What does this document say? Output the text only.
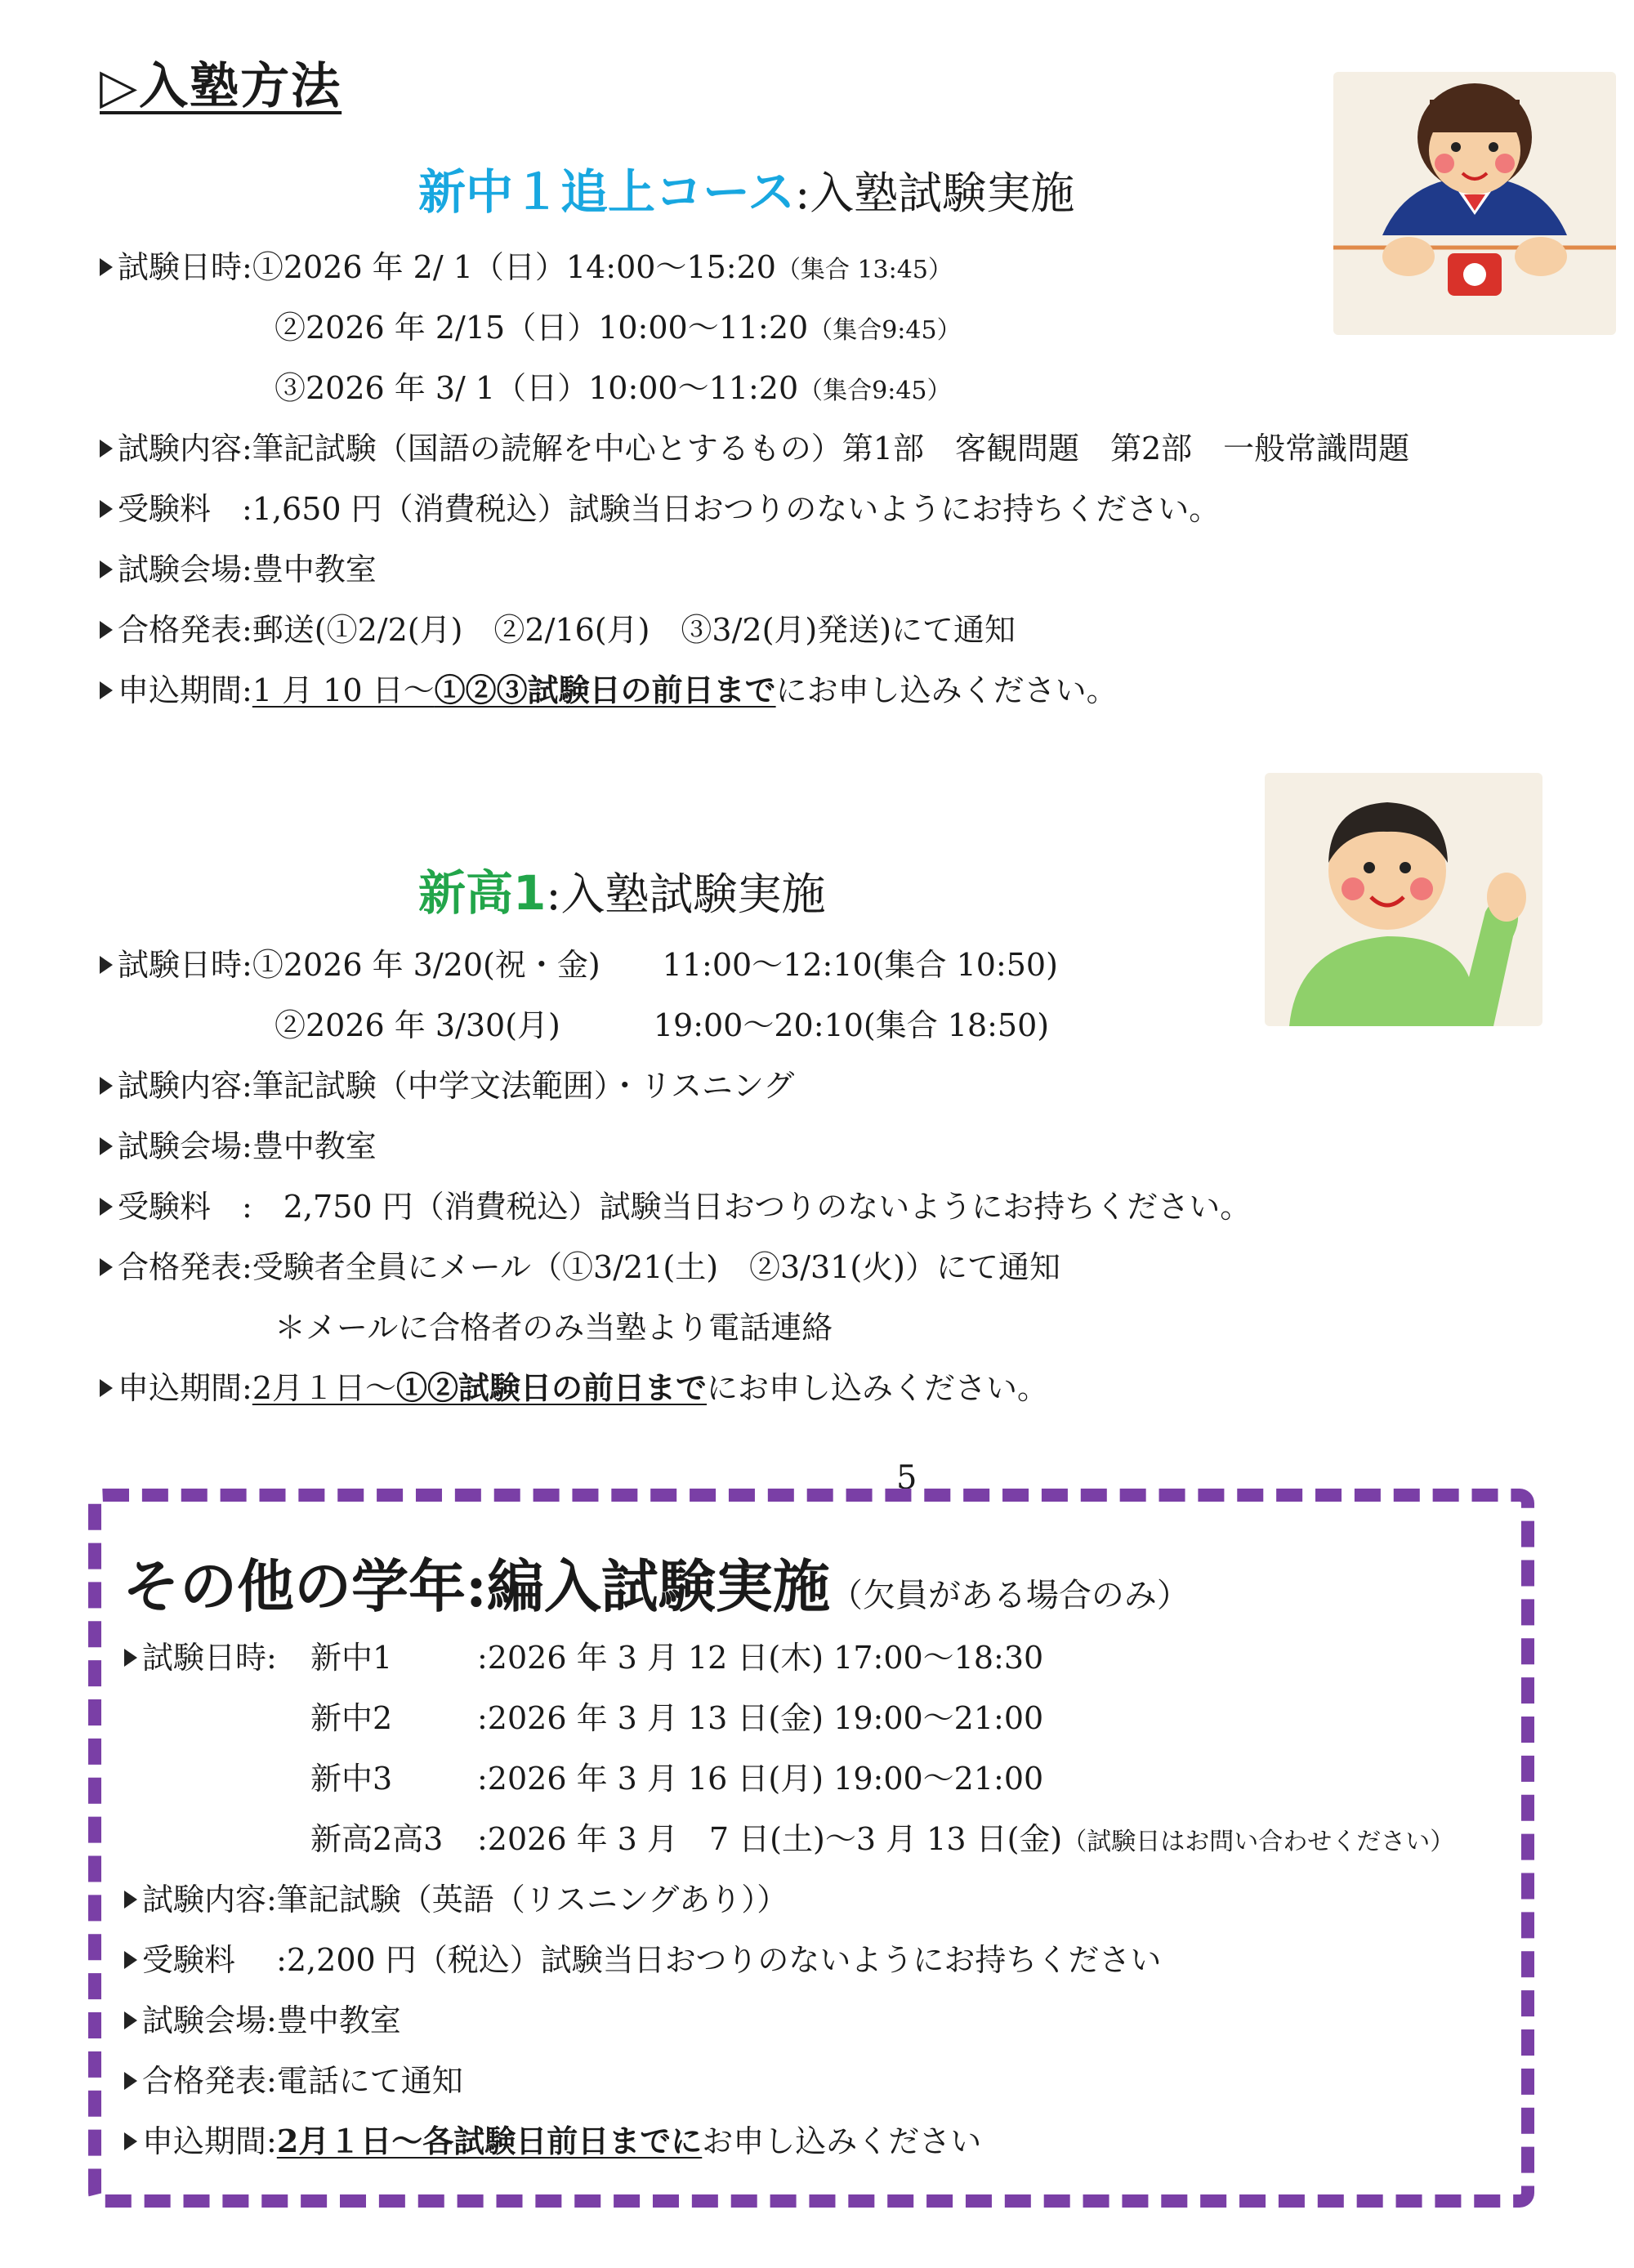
▷入塾方法
新中１追上コース:入塾試験実施
試験日時:①2026 年 2/ 1（日）14:00〜15:20（集合 13:45）
②2026 年 2/15（日）10:00〜11:20（集合9:45）
③2026 年 3/ 1（日）10:00〜11:20（集合9:45）
試験内容:筆記試験（国語の読解を中心とするもの）第1部　客観問題　第2部　一般常識問題
受験料　:1,650 円（消費税込）試験当日おつりのないようにお持ちください。
試験会場:豊中教室
合格発表:郵送(①2/2(月)　②2/16(月)　③3/2(月)発送)にて通知
申込期間:1 月 10 日〜①②③試験日の前日までにお申し込みください。
新高1:入塾試験実施
試験日時:①2026 年 3/20(祝・金)　　11:00〜12:10(集合 10:50)
②2026 年 3/30(月)　　　19:00〜20:10(集合 18:50)
試験内容:筆記試験（中学文法範囲）・リスニング
試験会場:豊中教室
受験料　:　2,750 円（消費税込）試験当日おつりのないようにお持ちください。
合格発表:受験者全員にメール（①3/21(土)　②3/31(火)）にて通知
＊メールに合格者のみ当塾より電話連絡
申込期間:2月１日〜①②試験日の前日までにお申し込みください。
5
その他の学年:編入試験実施（欠員がある場合のみ）
試験日時: 新中1	:2026 年 3 月 12 日(木) 17:00〜18:30
新中2	:2026 年 3 月 13 日(金) 19:00〜21:00
新中3	:2026 年 3 月 16 日(月) 19:00〜21:00
新高2高3 :2026 年 3 月　7 日(土)〜3 月 13 日(金)（試験日はお問い合わせください）
試験内容:筆記試験（英語（リスニングあり））
受験料　 :2,200 円（税込）試験当日おつりのないようにお持ちください
試験会場:豊中教室
合格発表:電話にて通知
申込期間:2月１日〜各試験日前日までにお申し込みください
